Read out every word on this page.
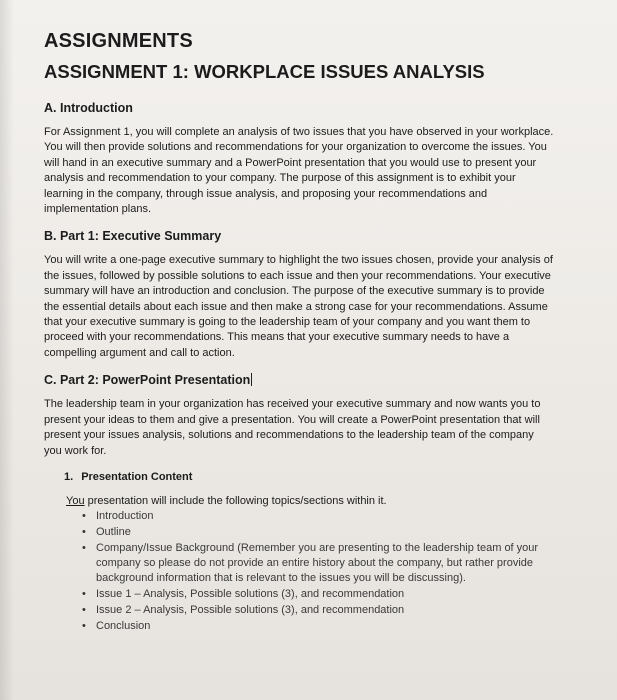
ASSIGNMENTS
ASSIGNMENT 1: WORKPLACE ISSUES ANALYSIS
A. Introduction

For Assignment 1, you will complete an analysis of two issues that you have observed in your workplace. You will then provide solutions and recommendations for your organization to overcome the issues. You will hand in an executive summary and a PowerPoint presentation that you would use to present your analysis and recommendation to your company. The purpose of this assignment is to exhibit your learning in the company, through issue analysis, and proposing your recommendations and implementation plans.

B. Part 1: Executive Summary

You will write a one-page executive summary to highlight the two issues chosen, provide your analysis of the issues, followed by possible solutions to each issue and then your recommendations. Your executive summary will have an introduction and conclusion. The purpose of the executive summary is to provide the essential details about each issue and then make a strong case for your recommendations. Assume that your executive summary is going to the leadership team of your company and you want them to proceed with your recommendations. This means that your executive summary needs to have a compelling argument and call to action.

C. Part 2: PowerPoint Presentation

The leadership team in your organization has received your executive summary and now wants you to present your ideas to them and give a presentation. You will create a PowerPoint presentation that will present your issues analysis, solutions and recommendations to the leadership team of the company you work for.

1. Presentation Content
You presentation will include the following topics/sections within it.
• Introduction
• Outline
• Company/Issue Background (Remember you are presenting to the leadership team of your company so please do not provide an entire history about the company, but rather provide background information that is relevant to the issues you will be discussing).
• Issue 1 – Analysis, Possible solutions (3), and recommendation
• Issue 2 – Analysis, Possible solutions (3), and recommendation
• Conclusion
